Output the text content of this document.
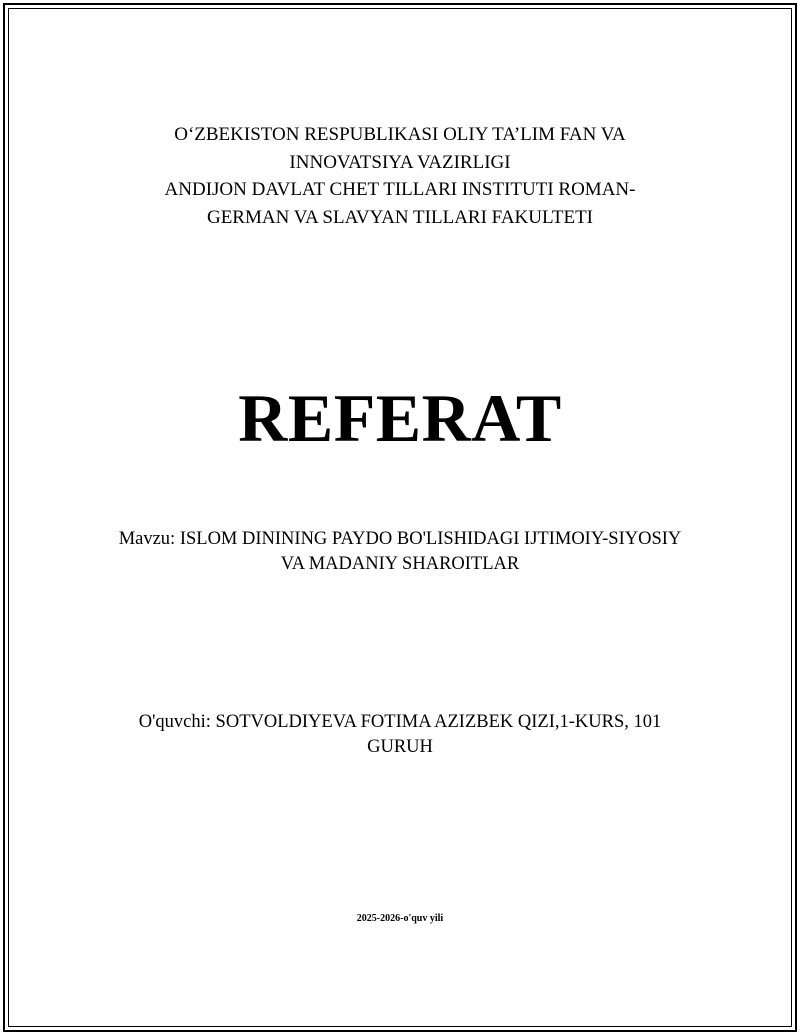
O‘ZBEKISTON RESPUBLIKASI OLIY TA’LIM FAN VA
INNOVATSIYA VAZIRLIGI
ANDIJON DAVLAT CHET TILLARI INSTITUTI ROMAN-
GERMAN VA SLAVYAN TILLARI FAKULTETI
REFERAT
Mavzu: ISLOM DININING PAYDO BO'LISHIDAGI IJTIMOIY-SIYOSIY
VA MADANIY SHAROITLAR
O'quvchi: SOTVOLDIYEVA FOTIMA AZIZBEK QIZI,1-KURS, 101
GURUH
2025-2026-o'quv yili
